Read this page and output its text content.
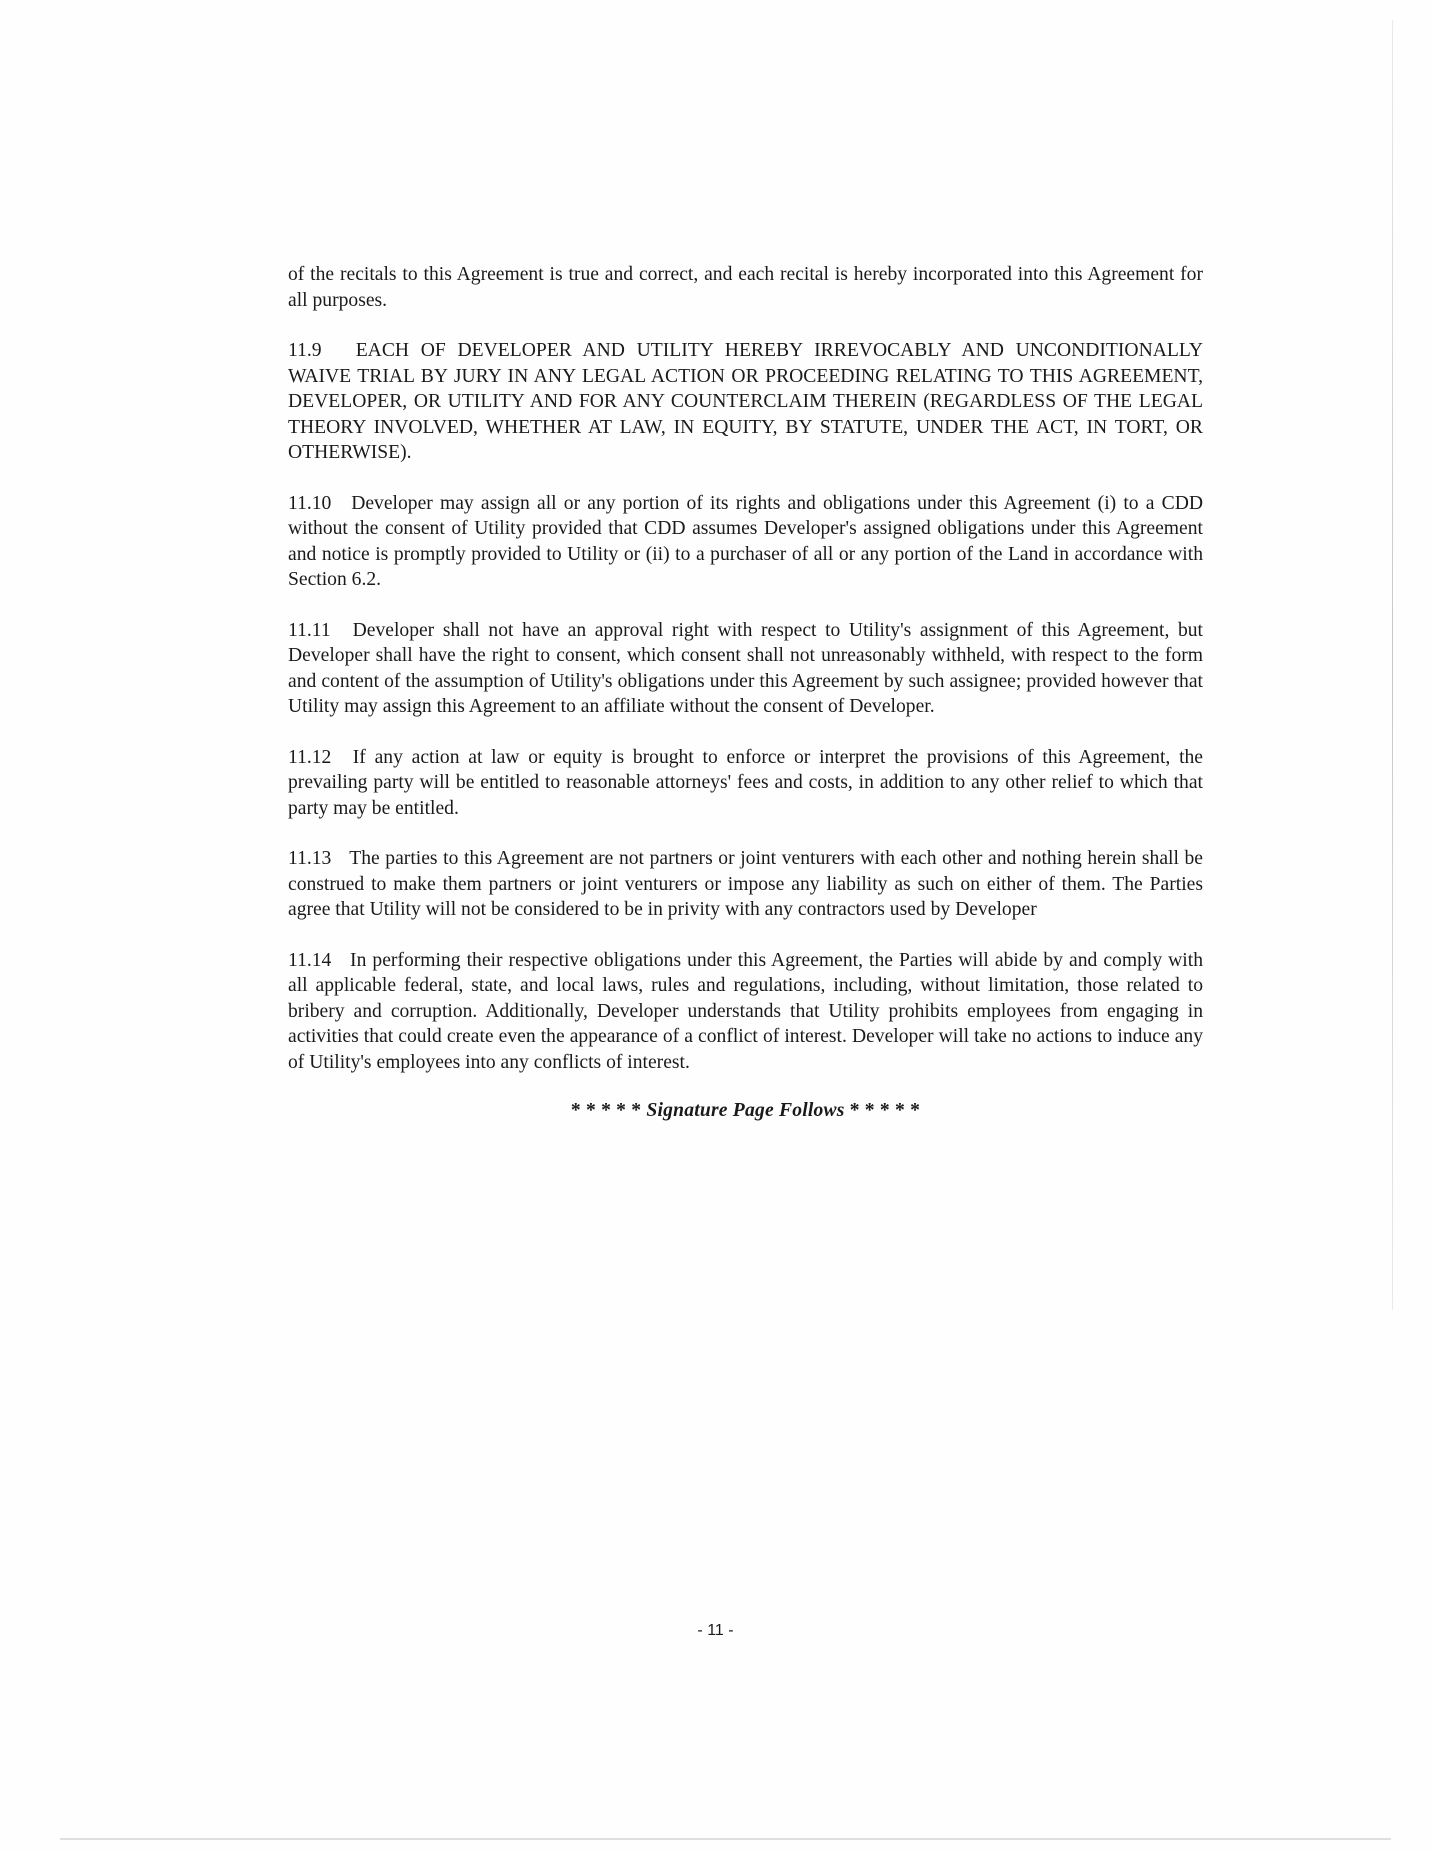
of the recitals to this Agreement is true and correct, and each recital is hereby incorporated into this Agreement for all purposes.

11.9 EACH OF DEVELOPER AND UTILITY HEREBY IRREVOCABLY AND UNCONDITIONALLY WAIVE TRIAL BY JURY IN ANY LEGAL ACTION OR PROCEEDING RELATING TO THIS AGREEMENT, DEVELOPER, OR UTILITY AND FOR ANY COUNTERCLAIM THEREIN (REGARDLESS OF THE LEGAL THEORY INVOLVED, WHETHER AT LAW, IN EQUITY, BY STATUTE, UNDER THE ACT, IN TORT, OR OTHERWISE).

11.10 Developer may assign all or any portion of its rights and obligations under this Agreement (i) to a CDD without the consent of Utility provided that CDD assumes Developer's assigned obligations under this Agreement and notice is promptly provided to Utility or (ii) to a purchaser of all or any portion of the Land in accordance with Section 6.2.

11.11 Developer shall not have an approval right with respect to Utility's assignment of this Agreement, but Developer shall have the right to consent, which consent shall not unreasonably withheld, with respect to the form and content of the assumption of Utility's obligations under this Agreement by such assignee; provided however that Utility may assign this Agreement to an affiliate without the consent of Developer.

11.12 If any action at law or equity is brought to enforce or interpret the provisions of this Agreement, the prevailing party will be entitled to reasonable attorneys' fees and costs, in addition to any other relief to which that party may be entitled.

11.13 The parties to this Agreement are not partners or joint venturers with each other and nothing herein shall be construed to make them partners or joint venturers or impose any liability as such on either of them. The Parties agree that Utility will not be considered to be in privity with any contractors used by Developer

11.14 In performing their respective obligations under this Agreement, the Parties will abide by and comply with all applicable federal, state, and local laws, rules and regulations, including, without limitation, those related to bribery and corruption. Additionally, Developer understands that Utility prohibits employees from engaging in activities that could create even the appearance of a conflict of interest. Developer will take no actions to induce any of Utility's employees into any conflicts of interest.

* * * * * Signature Page Follows * * * * *
- 11 -
